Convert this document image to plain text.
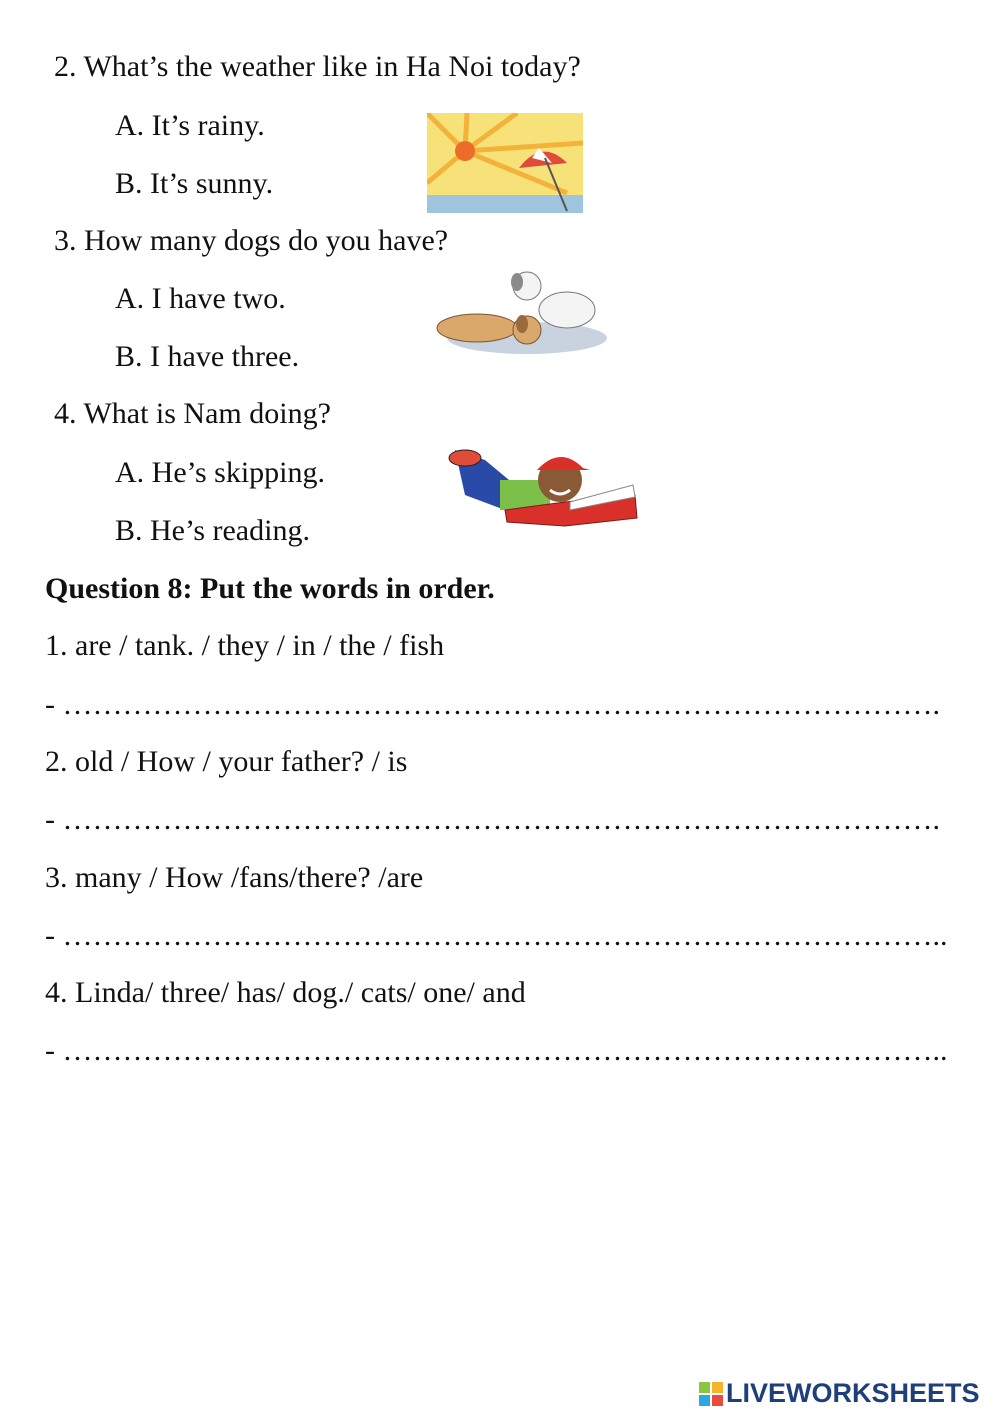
2. What’s the weather like in Ha Noi today?
A. It’s rainy.
B. It’s sunny.
3. How many dogs do you have?
A. I have two.
B. I have three.
4. What is Nam doing?
A. He’s skipping.
B. He’s reading.
Question 8: Put the words in order.
1. are / tank. / they / in / the / fish
- …………………………………………………………………………….
2. old / How / your father? / is
- …………………………………………………………………………….
3. many / How /fans/there? /are
- ……………………………………………………………………………..
4. Linda/ three/ has/ dog./ cats/ one/ and
- ……………………………………………………………………………..
LIVEWORKSHEETS
